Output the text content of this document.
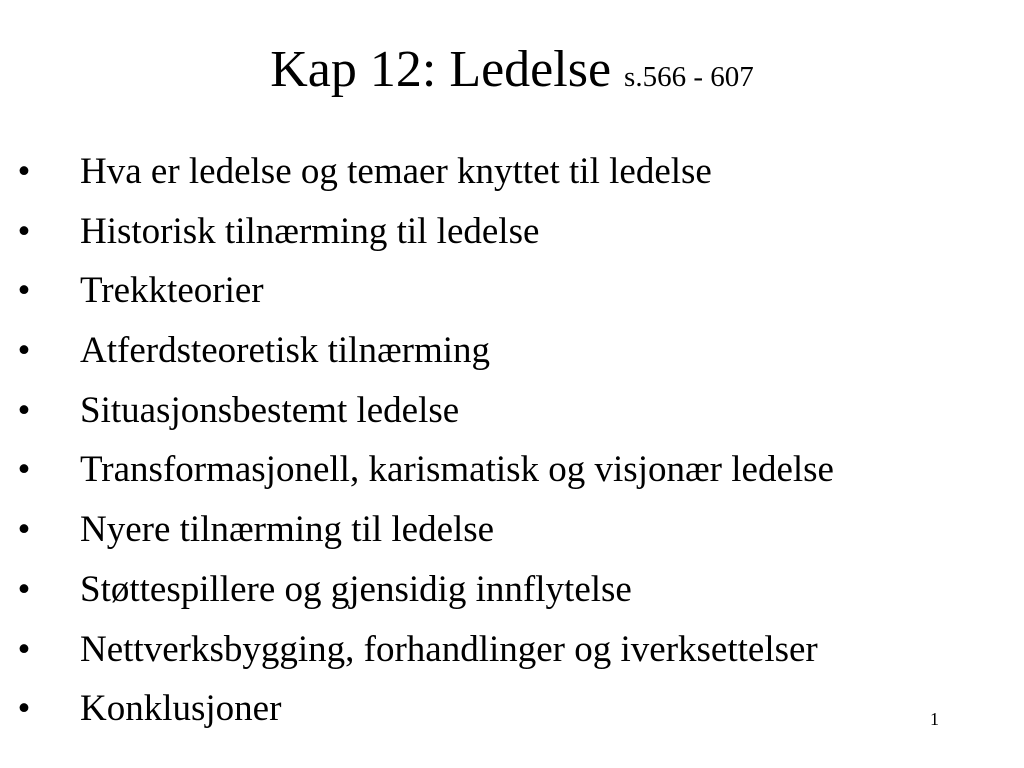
Kap 12: Ledelse s.566 - 607
• Hva er ledelse og temaer knyttet til ledelse
• Historisk tilnærming til ledelse
• Trekkteorier
• Atferdsteoretisk tilnærming
• Situasjonsbestemt ledelse
• Transformasjonell, karismatisk og visjonær ledelse
• Nyere tilnærming til ledelse
• Støttespillere og gjensidig innflytelse
• Nettverksbygging, forhandlinger og iverksettelser
• Konklusjoner	1
